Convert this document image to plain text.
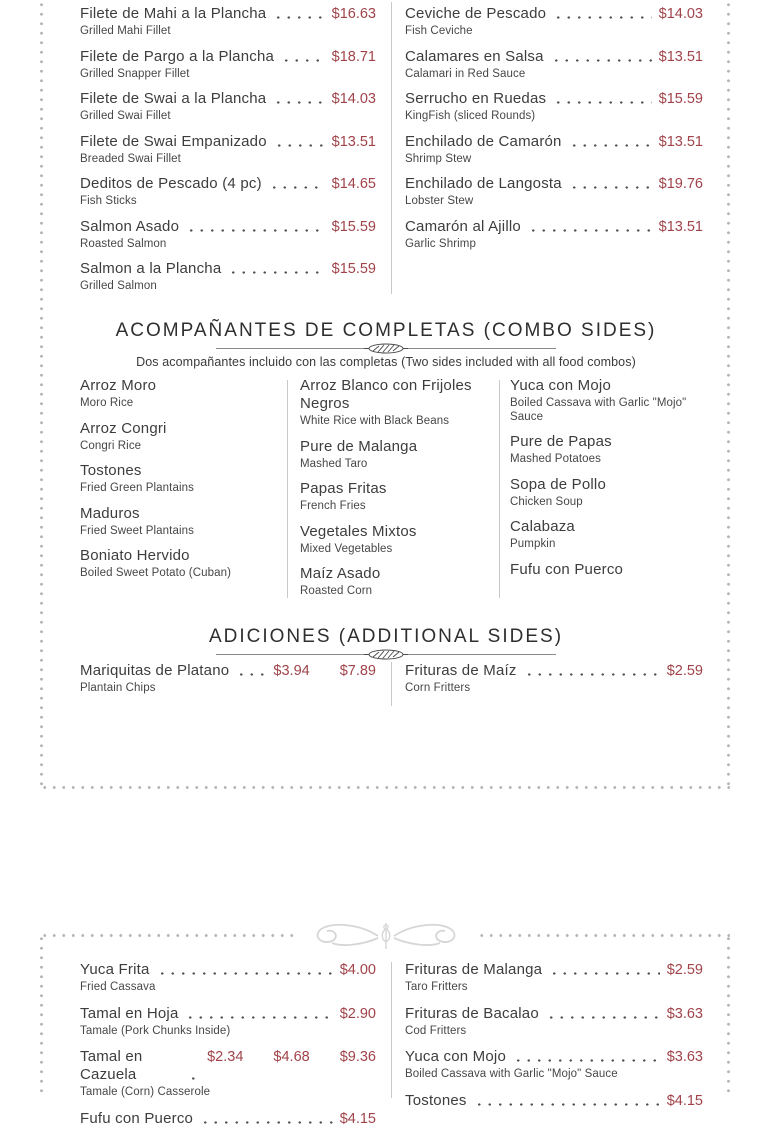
Filete de Mahi a la Plancha	$16.63
Grilled Mahi Fillet
Filete de Pargo a la Plancha	$18.71
Grilled Snapper Fillet
Filete de Swai a la Plancha	$14.03
Grilled Swai Fillet
Filete de Swai Empanizado	$13.51
Breaded Swai Fillet
Deditos de Pescado (4 pc)	$14.65
Fish Sticks
Salmon Asado	$15.59
Roasted Salmon
Salmon a la Plancha	$15.59
Grilled Salmon
Ceviche de Pescado	$14.03
Fish Ceviche
Calamares en Salsa	$13.51
Calamari in Red Sauce
Serrucho en Ruedas	$15.59
KingFish (sliced Rounds)
Enchilado de Camarón	$13.51
Shrimp Stew
Enchilado de Langosta	$19.76
Lobster Stew
Camarón al Ajillo	$13.51
Garlic Shrimp
ACOMPAÑANTES DE COMPLETAS (COMBO SIDES)
Dos acompañantes incluido con las completas (Two sides included with all food combos)
Arroz Moro
Moro Rice
Arroz Congri
Congri Rice
Tostones
Fried Green Plantains
Maduros
Fried Sweet Plantains
Boniato Hervido
Boiled Sweet Potato (Cuban)
Arroz Blanco con Frijoles Negros
White Rice with Black Beans
Pure de Malanga
Mashed Taro
Papas Fritas
French Fries
Vegetales Mixtos
Mixed Vegetables
Maíz Asado
Roasted Corn
Yuca con Mojo
Boiled Cassava with Garlic "Mojo" Sauce
Pure de Papas
Mashed Potatoes
Sopa de Pollo
Chicken Soup
Calabaza
Pumpkin
Fufu con Puerco
ADICIONES (ADDITIONAL SIDES)
Mariquitas de Platano	$3.94 $7.89
Plantain Chips
Frituras de Maíz	$2.59
Corn Fritters
Yuca Frita	$4.00
Fried Cassava
Tamal en Hoja	$2.90
Tamale (Pork Chunks Inside)
Tamal en Cazuela
$2.34 $4.68 $9.36
Tamale (Corn) Casserole
Fufu con Puerco	$4.15
Frituras de Malanga	$2.59
Taro Fritters
Frituras de Bacalao	$3.63
Cod Fritters
Yuca con Mojo	$3.63
Boiled Cassava with Garlic "Mojo" Sauce
Tostones	$4.15
